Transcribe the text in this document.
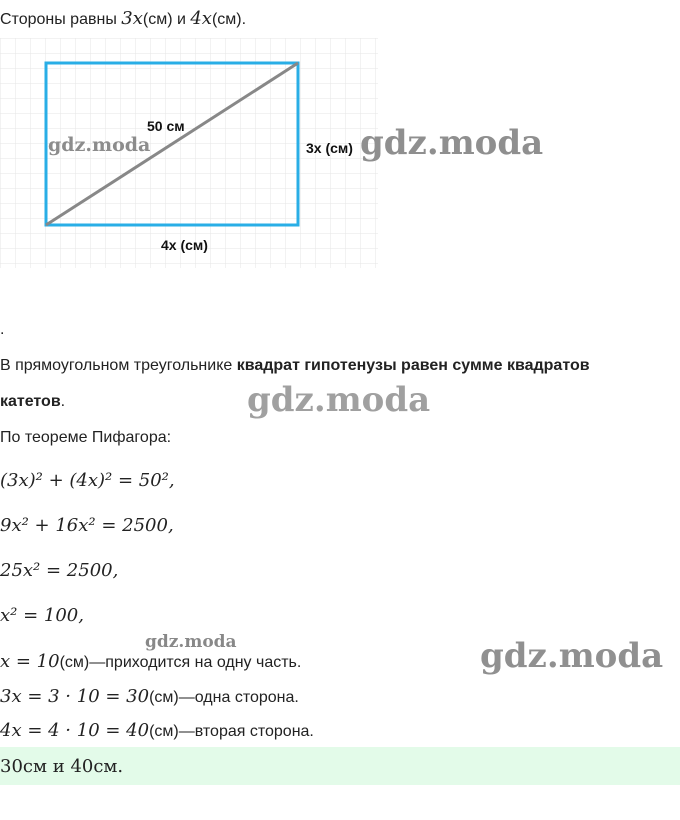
Стороны равны 3x(см) и 4x(см).
50 см
3x (см)
4x (см)
gdz.moda	gdz.moda
.
В прямоугольном треугольнике квадрат гипотенузы равен сумме квадратов
катетов.	gdz.moda
По теореме Пифагора:
(3x)² + (4x)² = 50²,
9x² + 16x² = 2500,
25x² = 2500,
x² = 100,
gdz.moda	gdz.moda
x = 10(см)—приходится на одну часть.
3x = 3 · 10 = 30(см)—одна сторона.
4x = 4 · 10 = 40(см)—вторая сторона.
30см и 40см.
